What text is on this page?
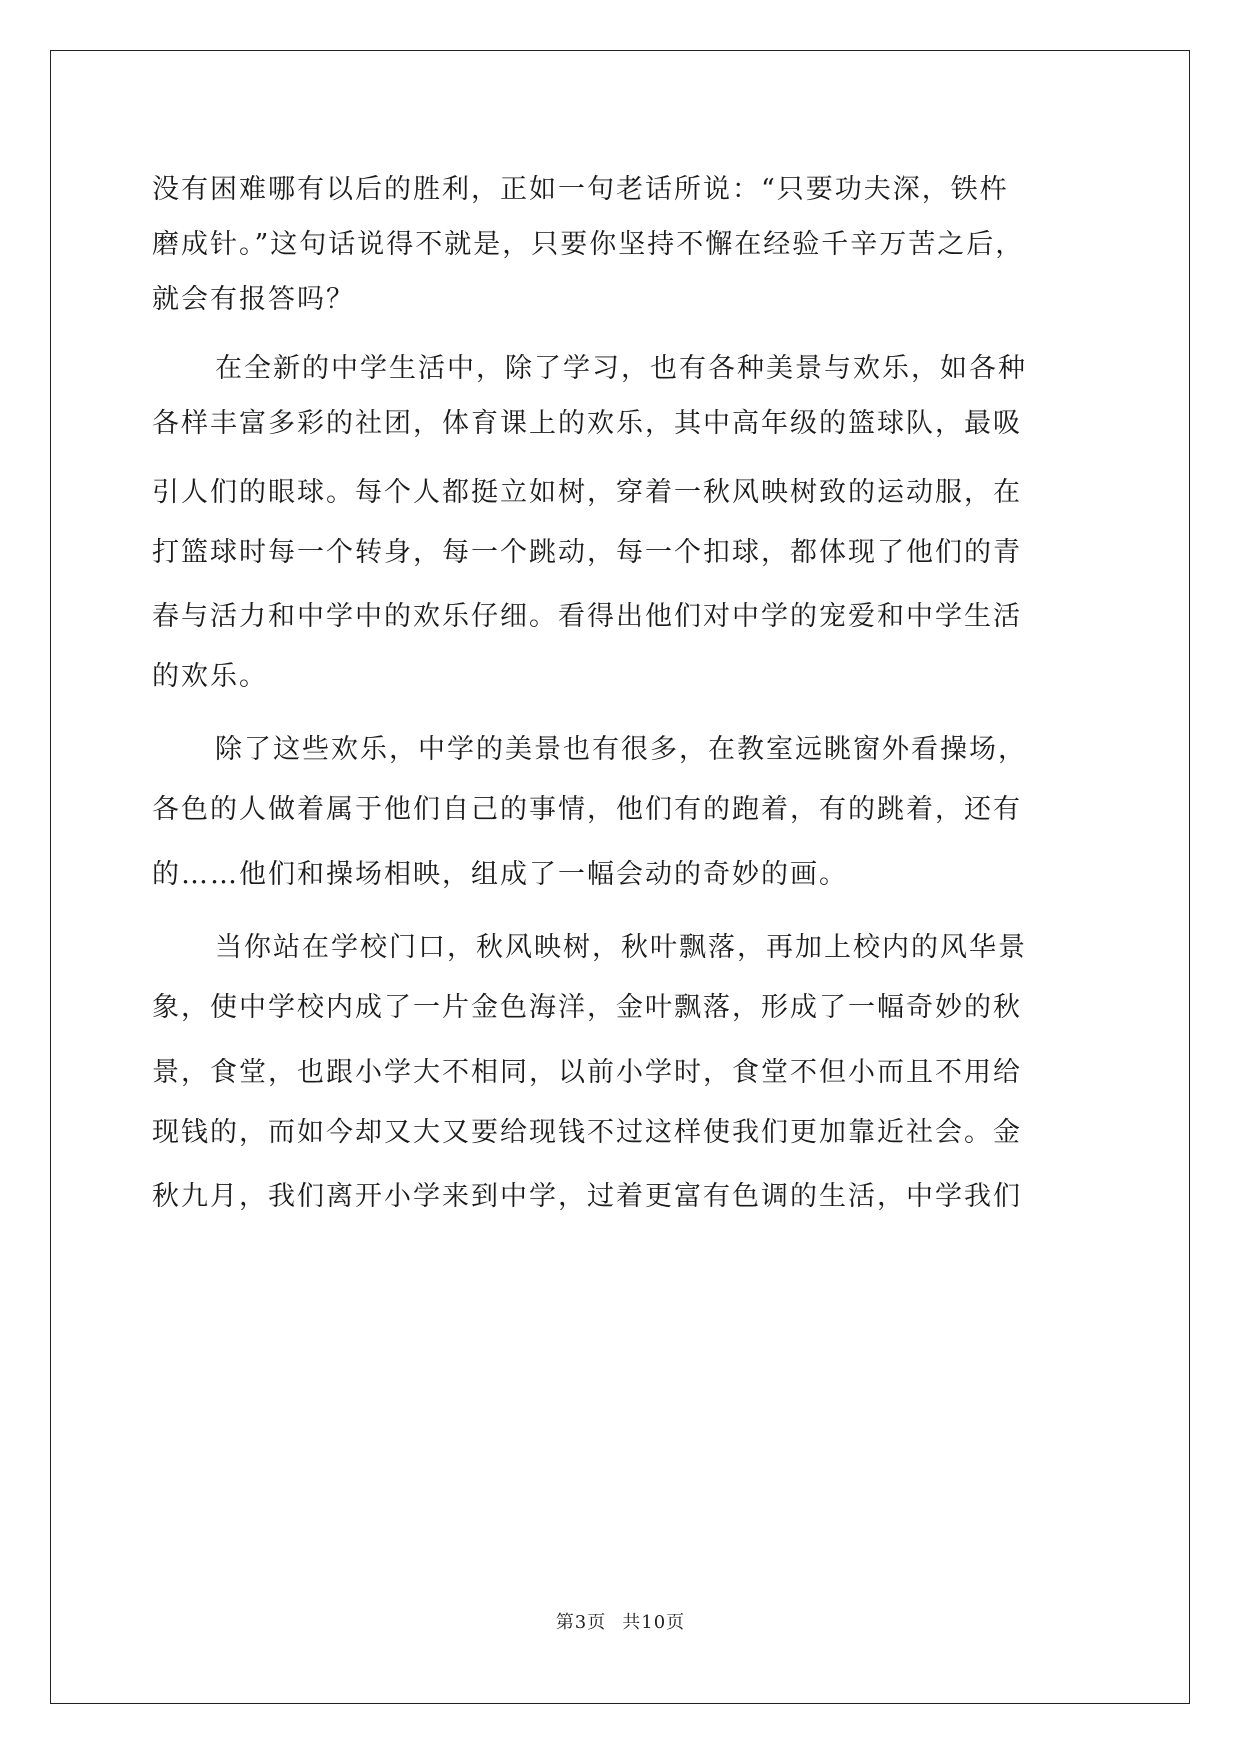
没有困难哪有以后的胜利，正如一句老话所说：“只要功夫深，铁杵
磨成针。”这句话说得不就是，只要你坚持不懈在经验千辛万苦之后，
就会有报答吗？
在全新的中学生活中，除了学习，也有各种美景与欢乐，如各种
各样丰富多彩的社团，体育课上的欢乐，其中高年级的篮球队，最吸
引人们的眼球。每个人都挺立如树，穿着一秋风映树致的运动服，在
打篮球时每一个转身，每一个跳动，每一个扣球，都体现了他们的青
春与活力和中学中的欢乐仔细。看得出他们对中学的宠爱和中学生活
的欢乐。
除了这些欢乐，中学的美景也有很多，在教室远眺窗外看操场，
各色的人做着属于他们自己的事情，他们有的跑着，有的跳着，还有
的……他们和操场相映，组成了一幅会动的奇妙的画。
当你站在学校门口，秋风映树，秋叶飘落，再加上校内的风华景
象，使中学校内成了一片金色海洋，金叶飘落，形成了一幅奇妙的秋
景，食堂，也跟小学大不相同，以前小学时，食堂不但小而且不用给
现钱的，而如今却又大又要给现钱不过这样使我们更加靠近社会。金
秋九月，我们离开小学来到中学，过着更富有色调的生活，中学我们
第3页 共10页
